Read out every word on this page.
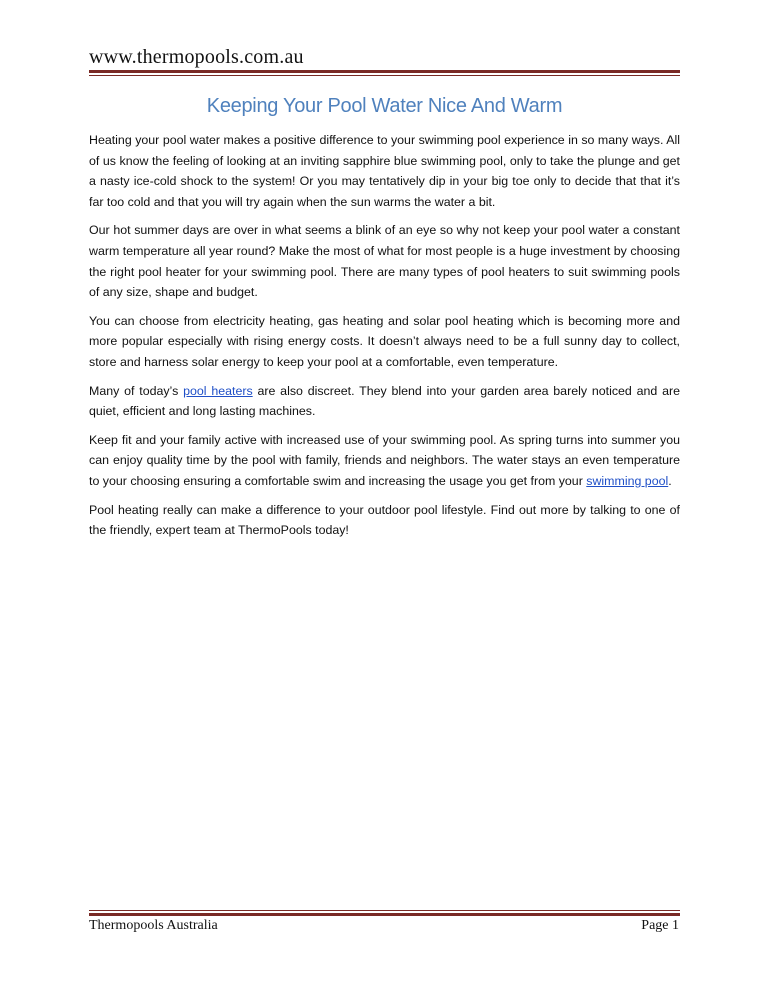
www.thermopools.com.au
Keeping Your Pool Water Nice And Warm

Heating your pool water makes a positive difference to your swimming pool experience in so many ways. All of us know the feeling of looking at an inviting sapphire blue swimming pool, only to take the plunge and get a nasty ice-cold shock to the system! Or you may tentatively dip in your big toe only to decide that that it’s far too cold and that you will try again when the sun warms the water a bit.

Our hot summer days are over in what seems a blink of an eye so why not keep your pool water a constant warm temperature all year round? Make the most of what for most people is a huge investment by choosing the right pool heater for your swimming pool. There are many types of pool heaters to suit swimming pools of any size, shape and budget.

You can choose from electricity heating, gas heating and solar pool heating which is becoming more and more popular especially with rising energy costs. It doesn’t always need to be a full sunny day to collect, store and harness solar energy to keep your pool at a comfortable, even temperature.

Many of today’s pool heaters are also discreet. They blend into your garden area barely noticed and are quiet, efficient and long lasting machines.

Keep fit and your family active with increased use of your swimming pool. As spring turns into summer you can enjoy quality time by the pool with family, friends and neighbors. The water stays an even temperature to your choosing ensuring a comfortable swim and increasing the usage you get from your swimming pool.

Pool heating really can make a difference to your outdoor pool lifestyle. Find out more by talking to one of the friendly, expert team at ThermoPools today!

Thermopools Australia	Page 1
